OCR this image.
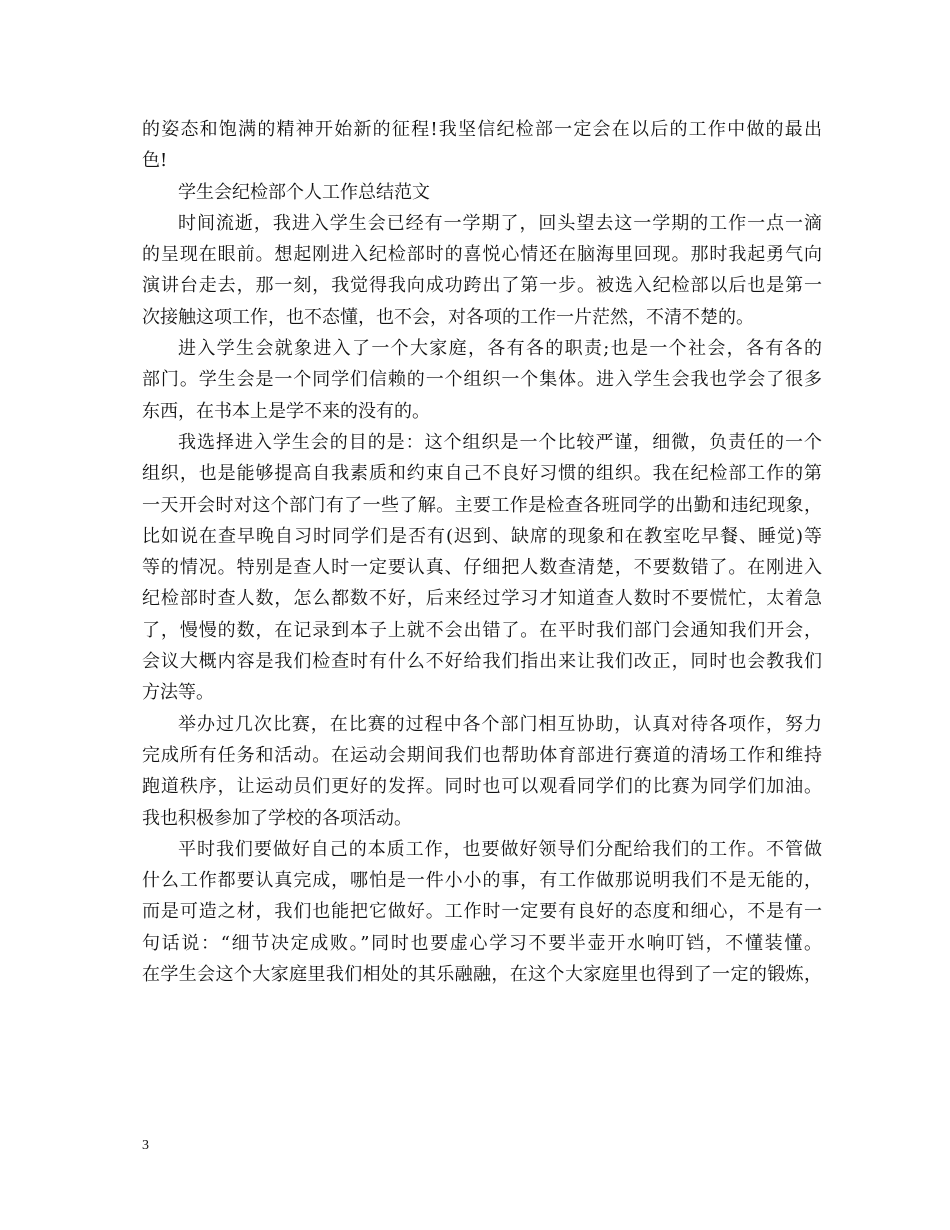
的姿态和饱满的精神开始新的征程!我坚信纪检部一定会在以后的工作中做的最出
色!
学生会纪检部个人工作总结范文
时间流逝，我进入学生会已经有一学期了，回头望去这一学期的工作一点一滴
的呈现在眼前。想起刚进入纪检部时的喜悦心情还在脑海里回现。那时我起勇气向
演讲台走去，那一刻，我觉得我向成功跨出了第一步。被选入纪检部以后也是第一
次接触这项工作，也不态懂，也不会，对各项的工作一片茫然，不清不楚的。
进入学生会就象进入了一个大家庭，各有各的职责;也是一个社会，各有各的
部门。学生会是一个同学们信赖的一个组织一个集体。进入学生会我也学会了很多
东西，在书本上是学不来的没有的。
我选择进入学生会的目的是：这个组织是一个比较严谨，细微，负责任的一个
组织，也是能够提高自我素质和约束自己不良好习惯的组织。我在纪检部工作的第
一天开会时对这个部门有了一些了解。主要工作是检查各班同学的出勤和违纪现象，
比如说在查早晚自习时同学们是否有(迟到、缺席的现象和在教室吃早餐、睡觉)等
等的情况。特别是查人时一定要认真、仔细把人数查清楚，不要数错了。在刚进入
纪检部时查人数，怎么都数不好，后来经过学习才知道查人数时不要慌忙，太着急
了，慢慢的数，在记录到本子上就不会出错了。在平时我们部门会通知我们开会，
会议大概内容是我们检查时有什么不好给我们指出来让我们改正，同时也会教我们
方法等。
举办过几次比赛，在比赛的过程中各个部门相互协助，认真对待各项作，努力
完成所有任务和活动。在运动会期间我们也帮助体育部进行赛道的清场工作和维持
跑道秩序，让运动员们更好的发挥。同时也可以观看同学们的比赛为同学们加油。
我也积极参加了学校的各项活动。
平时我们要做好自己的本质工作，也要做好领导们分配给我们的工作。不管做
什么工作都要认真完成，哪怕是一件小小的事，有工作做那说明我们不是无能的，
而是可造之材，我们也能把它做好。工作时一定要有良好的态度和细心，不是有一
句话说：“细节决定成败。”同时也要虚心学习不要半壶开水响叮铛，不懂装懂。
在学生会这个大家庭里我们相处的其乐融融，在这个大家庭里也得到了一定的锻炼，
3
